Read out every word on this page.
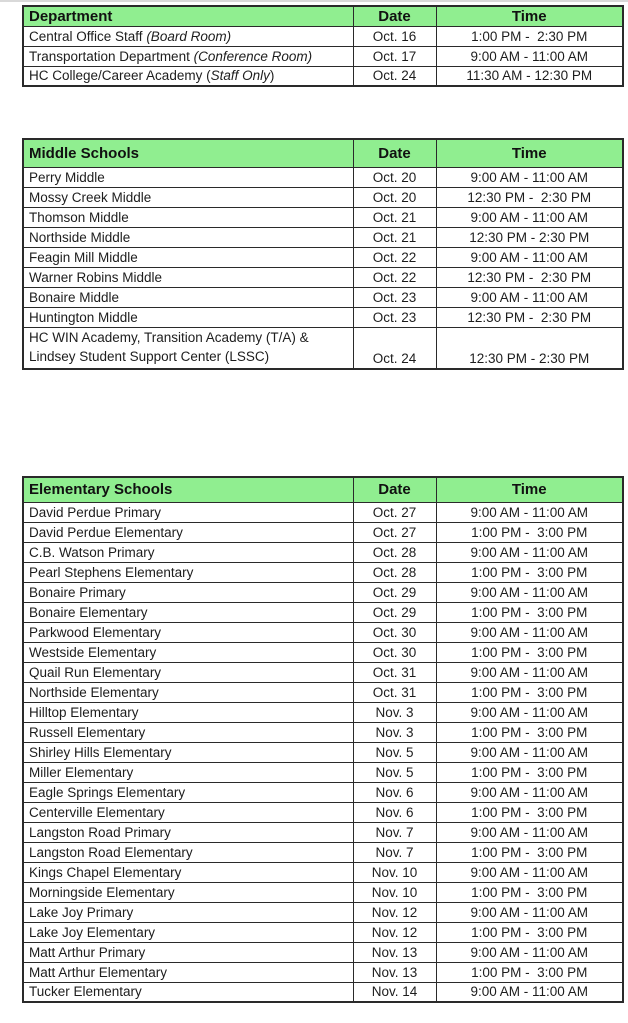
Department	Date	Time
Central Office Staff (Board Room)	Oct. 16	1:00 PM -  2:30 PM
Transportation Department (Conference Room)	Oct. 17	9:00 AM - 11:00 AM
HC College/Career Academy (Staff Only)	Oct. 24	11:30 AM - 12:30 PM
Middle Schools	Date	Time
Perry Middle	Oct. 20	9:00 AM - 11:00 AM
Mossy Creek Middle	Oct. 20	12:30 PM -  2:30 PM
Thomson Middle	Oct. 21	9:00 AM - 11:00 AM
Northside Middle	Oct. 21	12:30 PM - 2:30 PM
Feagin Mill Middle	Oct. 22	9:00 AM - 11:00 AM
Warner Robins Middle	Oct. 22	12:30 PM -  2:30 PM
Bonaire Middle	Oct. 23	9:00 AM - 11:00 AM
Huntington Middle	Oct. 23	12:30 PM -  2:30 PM
HC WIN Academy, Transition Academy (T/A) &
Lindsey Student Support Center (LSSC)	Oct. 24	12:30 PM - 2:30 PM
Elementary Schools	Date	Time
David Perdue Primary	Oct. 27	9:00 AM - 11:00 AM
David Perdue Elementary	Oct. 27	1:00 PM -  3:00 PM
C.B. Watson Primary	Oct. 28	9:00 AM - 11:00 AM
Pearl Stephens Elementary	Oct. 28	1:00 PM -  3:00 PM
Bonaire Primary	Oct. 29	9:00 AM - 11:00 AM
Bonaire Elementary	Oct. 29	1:00 PM -  3:00 PM
Parkwood Elementary	Oct. 30	9:00 AM - 11:00 AM
Westside Elementary	Oct. 30	1:00 PM -  3:00 PM
Quail Run Elementary	Oct. 31	9:00 AM - 11:00 AM
Northside Elementary	Oct. 31	1:00 PM -  3:00 PM
Hilltop Elementary	Nov. 3	9:00 AM - 11:00 AM
Russell Elementary	Nov. 3	1:00 PM -  3:00 PM
Shirley Hills Elementary	Nov. 5	9:00 AM - 11:00 AM
Miller Elementary	Nov. 5	1:00 PM -  3:00 PM
Eagle Springs Elementary	Nov. 6	9:00 AM - 11:00 AM
Centerville Elementary	Nov. 6	1:00 PM -  3:00 PM
Langston Road Primary	Nov. 7	9:00 AM - 11:00 AM
Langston Road Elementary	Nov. 7	1:00 PM -  3:00 PM
Kings Chapel Elementary	Nov. 10	9:00 AM - 11:00 AM
Morningside Elementary	Nov. 10	1:00 PM -  3:00 PM
Lake Joy Primary	Nov. 12	9:00 AM - 11:00 AM
Lake Joy Elementary	Nov. 12	1:00 PM -  3:00 PM
Matt Arthur Primary	Nov. 13	9:00 AM - 11:00 AM
Matt Arthur Elementary	Nov. 13	1:00 PM -  3:00 PM
Tucker Elementary	Nov. 14	9:00 AM - 11:00 AM
